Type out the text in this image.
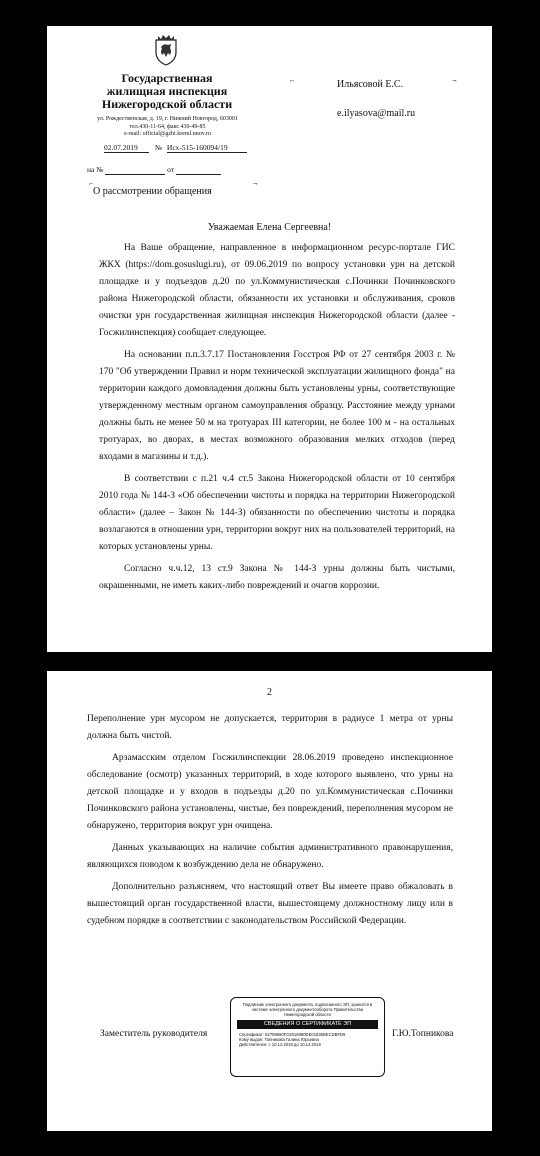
Государственная
жилищная инспекция
Нижегородской области
ул. Рождественская, д. 19, г. Нижний Новгород, 603001
тел.430-11-64, факс 430-49-85
e-mail: official@gzhi.kreml.nnov.ru
02.07.2019 № Исх-515-160094/19
на №	от
⌐	¬
Ильясовой Е.С.
e.ilyasova@mail.ru
⌐	¬
О рассмотрении обращения
Уважаемая Елена Сергеевна!

На Ваше обращение, направленное в информационном ресурс-портале ГИС ЖКХ (https://dom.gosuslugi.ru), от 09.06.2019 по вопросу установки урн на детской площадке и у подъездов д.20 по ул.Коммунистическая с.Починки Починковского района Нижегородской области, обязанности их установки и обслуживания, сроков очистки урн государственная жилищная инспекция Нижегородской области (далее - Госжилинспекция) сообщает следующее.

На основании п.п.3.7.17 Постановления Госстроя РФ от 27 сентября 2003 г. № 170 "Об утверждении Правил и норм технической эксплуатации жилищного фонда" на территории каждого домовладения должны быть установлены урны, соответствующие утвержденному местным органом самоуправления образцу. Расстояние между урнами должны быть не менее 50 м на тротуарах III категории, не более 100 м - на остальных тротуарах, во дворах, в местах возможного образования мелких отходов (перед входами в магазины и т.д.).

В соответствии с п.21 ч.4 ст.5 Закона Нижегородской области от 10 сентября 2010 года № 144-З «Об обеспечении чистоты и порядка на территории Нижегородской области» (далее – Закон № 144-З) обязанности по обеспечению чистоты и порядка возлагаются в отношении урн, территории вокруг них на пользователей территорий, на которых установлены урны.

Согласно ч.ч.12, 13 ст.9 Закона № 144-З урны должны быть чистыми, окрашенными, не иметь каких-либо повреждений и очагов коррозии.

2

Переполнение урн мусором не допускается, территория в радиусе 1 метра от урны должна быть чистой.

Арзамасским отделом Госжилинспекции 28.06.2019 проведено инспекционное обследование (осмотр) указанных территорий, в ходе которого выявлено, что урны на детской площадке и у входов в подъезды д.20 по ул.Коммунистическая с.Починки Починковского района установлены, чистые, без повреждений, переполнения мусором не обнаружено, территория вокруг урн очищена.

Данных указывающих на наличие события административного правонарушения, являющихся поводом к возбуждению дела не обнаружено.

Дополнительно разъясняем, что настоящий ответ Вы имеете право обжаловать в вышестоящий орган государственной власти, вышестоящему должностному лицу или в судебном порядке в соответствии с законодательством Российской Федерации.

Заместитель руководителя
Подлинник электронного документа, подписанного ЭП, хранится в системе электронного документооборота Правительства Нижегородской области
СВЕДЕНИЯ О СЕРТИФИКАТЕ ЭП
Сертификат: 02708890FC5016080DE01636BECDBFD6
Кому выдан: Топникова Галина Юрьевна
Действителен: с 10.12.2018 до 10.12.2019
Г.Ю.Топникова
